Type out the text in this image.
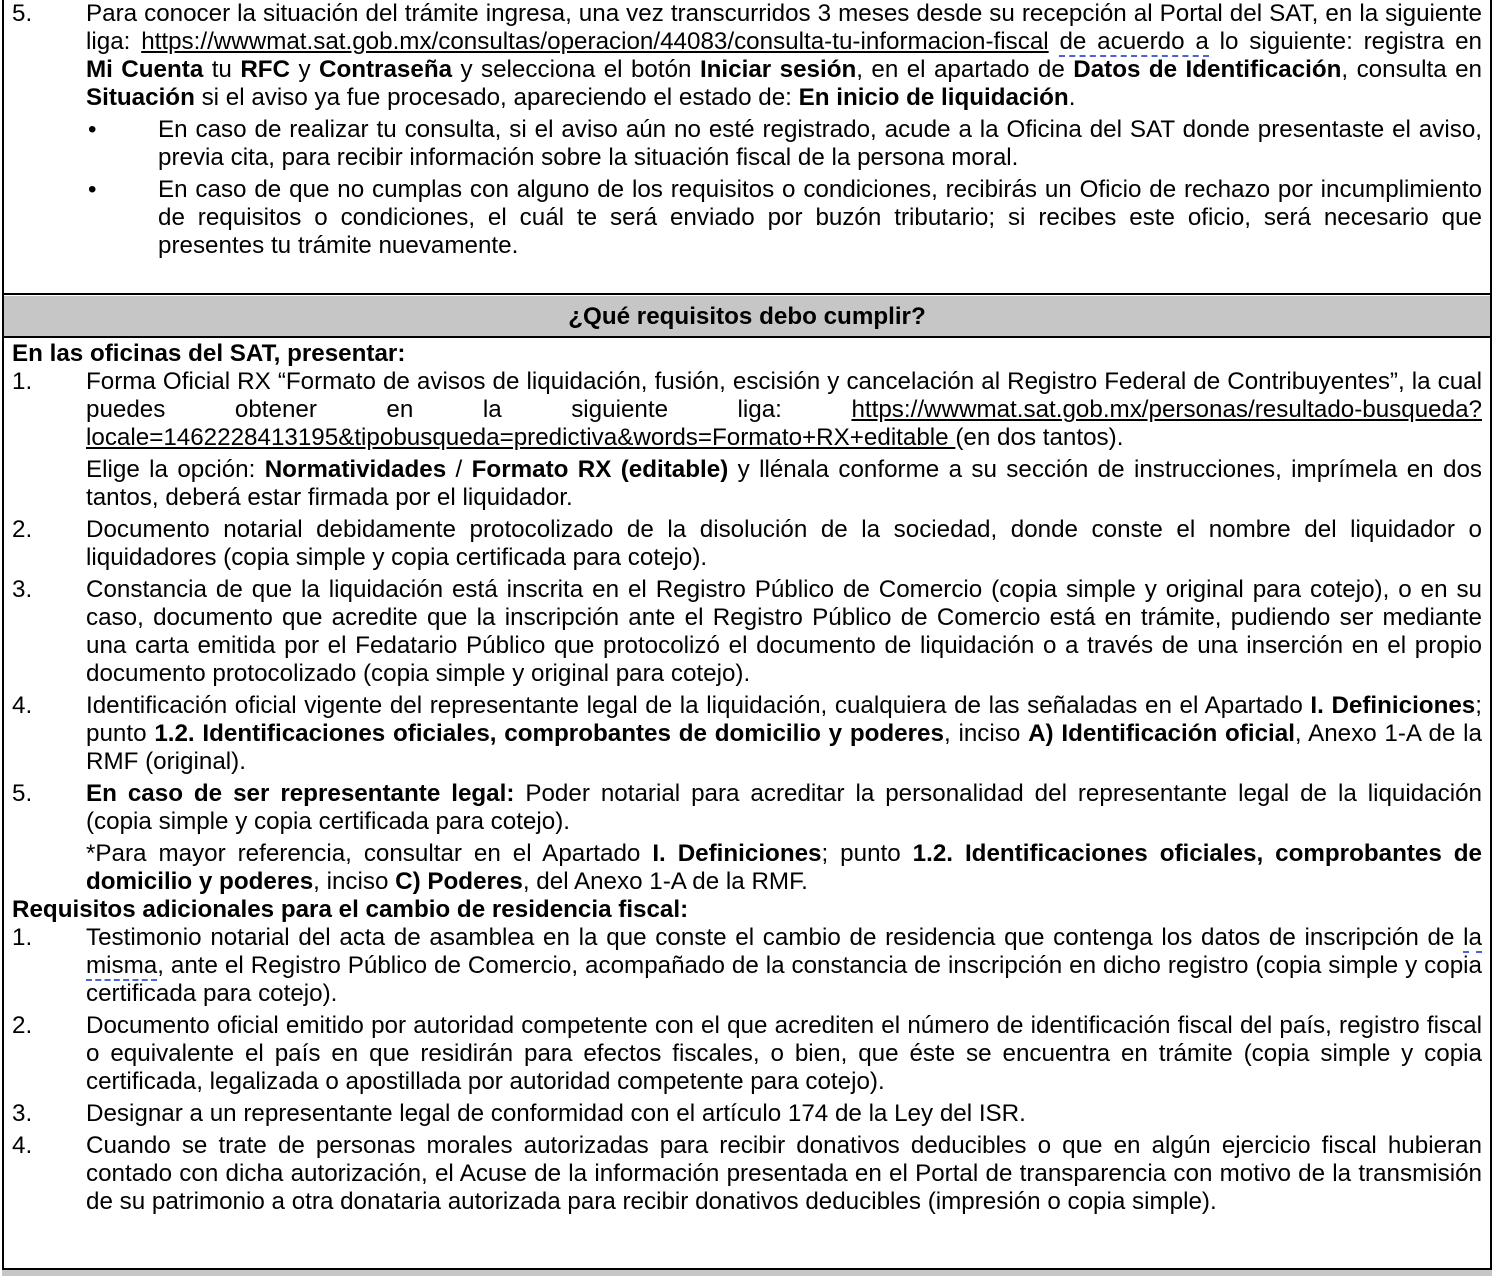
5. Para conocer la situación del trámite ingresa, una vez transcurridos 3 meses desde su recepción al Portal del SAT, en la siguiente liga: https://wwwmat.sat.gob.mx/consultas/operacion/44083/consulta-tu-informacion-fiscal de acuerdo a lo siguiente: registra en Mi Cuenta tu RFC y Contraseña y selecciona el botón Iniciar sesión, en el apartado de Datos de Identificación, consulta en Situación si el aviso ya fue procesado, apareciendo el estado de: En inicio de liquidación.
•	En caso de realizar tu consulta, si el aviso aún no esté registrado, acude a la Oficina del SAT donde presentaste el aviso, previa cita, para recibir información sobre la situación fiscal de la persona moral.
•	En caso de que no cumplas con alguno de los requisitos o condiciones, recibirás un Oficio de rechazo por incumplimiento de requisitos o condiciones, el cuál te será enviado por buzón tributario; si recibes este oficio, será necesario que presentes tu trámite nuevamente.
¿Qué requisitos debo cumplir?
En las oficinas del SAT, presentar:
1. Forma Oficial RX “Formato de avisos de liquidación, fusión, escisión y cancelación al Registro Federal de Contribuyentes”, la cual puedes obtener en la siguiente liga: https://wwwmat.sat.gob.mx/personas/resultado-busqueda?locale=1462228413195&tipobusqueda=predictiva&words=Formato+RX+editable (en dos tantos).
Elige la opción: Normatividades / Formato RX (editable) y llénala conforme a su sección de instrucciones, imprímela en dos tantos, deberá estar firmada por el liquidador.
2. Documento notarial debidamente protocolizado de la disolución de la sociedad, donde conste el nombre del liquidador o liquidadores (copia simple y copia certificada para cotejo).
3. Constancia de que la liquidación está inscrita en el Registro Público de Comercio (copia simple y original para cotejo), o en su caso, documento que acredite que la inscripción ante el Registro Público de Comercio está en trámite, pudiendo ser mediante una carta emitida por el Fedatario Público que protocolizó el documento de liquidación o a través de una inserción en el propio documento protocolizado (copia simple y original para cotejo).
4. Identificación oficial vigente del representante legal de la liquidación, cualquiera de las señaladas en el Apartado I. Definiciones; punto 1.2. Identificaciones oficiales, comprobantes de domicilio y poderes, inciso A) Identificación oficial, Anexo 1-A de la RMF (original).
5. En caso de ser representante legal: Poder notarial para acreditar la personalidad del representante legal de la liquidación (copia simple y copia certificada para cotejo).
*Para mayor referencia, consultar en el Apartado I. Definiciones; punto 1.2. Identificaciones oficiales, comprobantes de domicilio y poderes, inciso C) Poderes, del Anexo 1-A de la RMF.
Requisitos adicionales para el cambio de residencia fiscal:
1. Testimonio notarial del acta de asamblea en la que conste el cambio de residencia que contenga los datos de inscripción de la misma, ante el Registro Público de Comercio, acompañado de la constancia de inscripción en dicho registro (copia simple y copia certificada para cotejo).
2. Documento oficial emitido por autoridad competente con el que acrediten el número de identificación fiscal del país, registro fiscal o equivalente el país en que residirán para efectos fiscales, o bien, que éste se encuentra en trámite (copia simple y copia certificada, legalizada o apostillada por autoridad competente para cotejo).
3. Designar a un representante legal de conformidad con el artículo 174 de la Ley del ISR.
4. Cuando se trate de personas morales autorizadas para recibir donativos deducibles o que en algún ejercicio fiscal hubieran contado con dicha autorización, el Acuse de la información presentada en el Portal de transparencia con motivo de la transmisión de su patrimonio a otra donataria autorizada para recibir donativos deducibles (impresión o copia simple).
